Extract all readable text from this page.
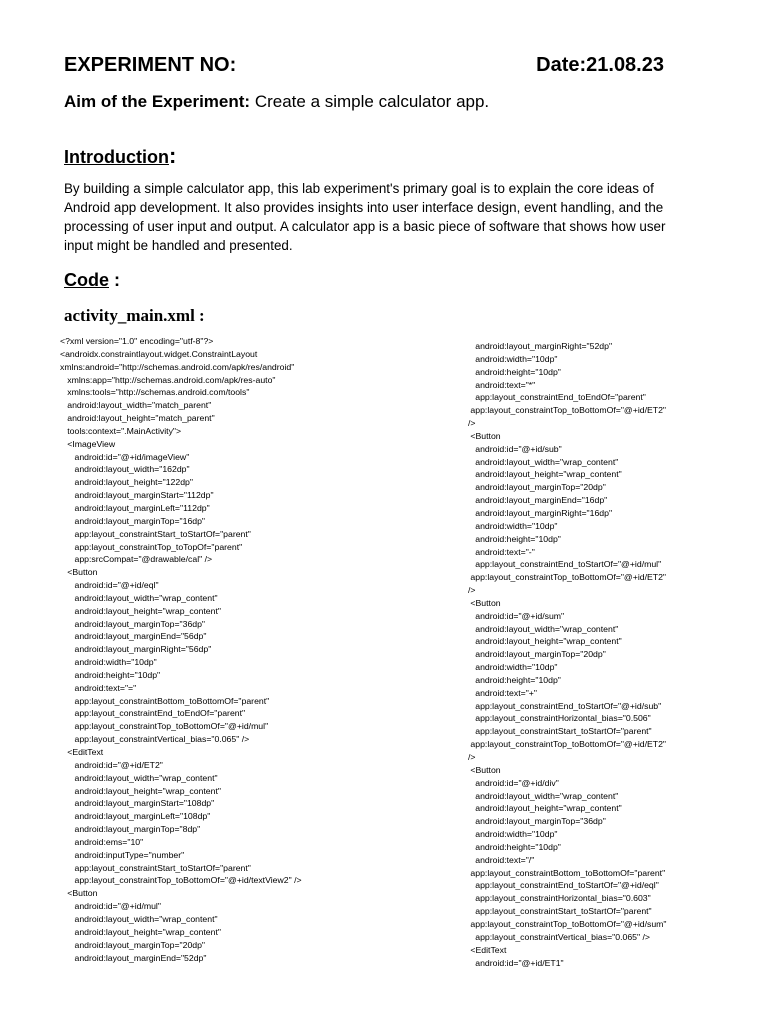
EXPERIMENT NO:	Date:21.08.23
Aim of the Experiment: Create a simple calculator app.
Introduction:
By building a simple calculator app, this lab experiment's primary goal is to explain the core ideas of Android app development. It also provides insights into user interface design, event handling, and the processing of user input and output. A calculator app is a basic piece of software that shows how user input might be handled and presented.
Code :
activity_main.xml :
<?xml version="1.0" encoding="utf-8"?>
<androidx.constraintlayout.widget.ConstraintLayout
xmlns:android="http://schemas.android.com/apk/res/android"
xmlns:app="http://schemas.android.com/apk/res-auto"
xmlns:tools="http://schemas.android.com/tools"
android:layout_width="match_parent"
android:layout_height="match_parent"
tools:context=".MainActivity">
<ImageView
android:id="@+id/imageView"
android:layout_width="162dp"
android:layout_height="122dp"
android:layout_marginStart="112dp"
android:layout_marginLeft="112dp"
android:layout_marginTop="16dp"
app:layout_constraintStart_toStartOf="parent"
app:layout_constraintTop_toTopOf="parent"
app:srcCompat="@drawable/cal" />
<Button
android:id="@+id/eql"
android:layout_width="wrap_content"
android:layout_height="wrap_content"
android:layout_marginTop="36dp"
android:layout_marginEnd="56dp"
android:layout_marginRight="56dp"
android:width="10dp"
android:height="10dp"
android:text="="
app:layout_constraintBottom_toBottomOf="parent"
app:layout_constraintEnd_toEndOf="parent"
app:layout_constraintTop_toBottomOf="@+id/mul"
app:layout_constraintVertical_bias="0.065" />
<EditText
android:id="@+id/ET2"
android:layout_width="wrap_content"
android:layout_height="wrap_content"
android:layout_marginStart="108dp"
android:layout_marginLeft="108dp"
android:layout_marginTop="8dp"
android:ems="10"
android:inputType="number"
app:layout_constraintStart_toStartOf="parent"
app:layout_constraintTop_toBottomOf="@+id/textView2" />
<Button
android:id="@+id/mul"
android:layout_width="wrap_content"
android:layout_height="wrap_content"
android:layout_marginTop="20dp"
android:layout_marginEnd="52dp"
android:layout_marginRight="52dp"
android:width="10dp"
android:height="10dp"
android:text="*"
app:layout_constraintEnd_toEndOf="parent"
app:layout_constraintTop_toBottomOf="@+id/ET2"
/>
<Button
android:id="@+id/sub"
android:layout_width="wrap_content"
android:layout_height="wrap_content"
android:layout_marginTop="20dp"
android:layout_marginEnd="16dp"
android:layout_marginRight="16dp"
android:width="10dp"
android:height="10dp"
android:text="-"
app:layout_constraintEnd_toStartOf="@+id/mul"
app:layout_constraintTop_toBottomOf="@+id/ET2"
/>
<Button
android:id="@+id/sum"
android:layout_width="wrap_content"
android:layout_height="wrap_content"
android:layout_marginTop="20dp"
android:width="10dp"
android:height="10dp"
android:text="+"
app:layout_constraintEnd_toStartOf="@+id/sub"
app:layout_constraintHorizontal_bias="0.506"
app:layout_constraintStart_toStartOf="parent"
app:layout_constraintTop_toBottomOf="@+id/ET2"
/>
<Button
android:id="@+id/div"
android:layout_width="wrap_content"
android:layout_height="wrap_content"
android:layout_marginTop="36dp"
android:width="10dp"
android:height="10dp"
android:text="/"
app:layout_constraintBottom_toBottomOf="parent"
app:layout_constraintEnd_toStartOf="@+id/eql"
app:layout_constraintHorizontal_bias="0.603"
app:layout_constraintStart_toStartOf="parent"
app:layout_constraintTop_toBottomOf="@+id/sum"
app:layout_constraintVertical_bias="0.065" />
<EditText
android:id="@+id/ET1"
